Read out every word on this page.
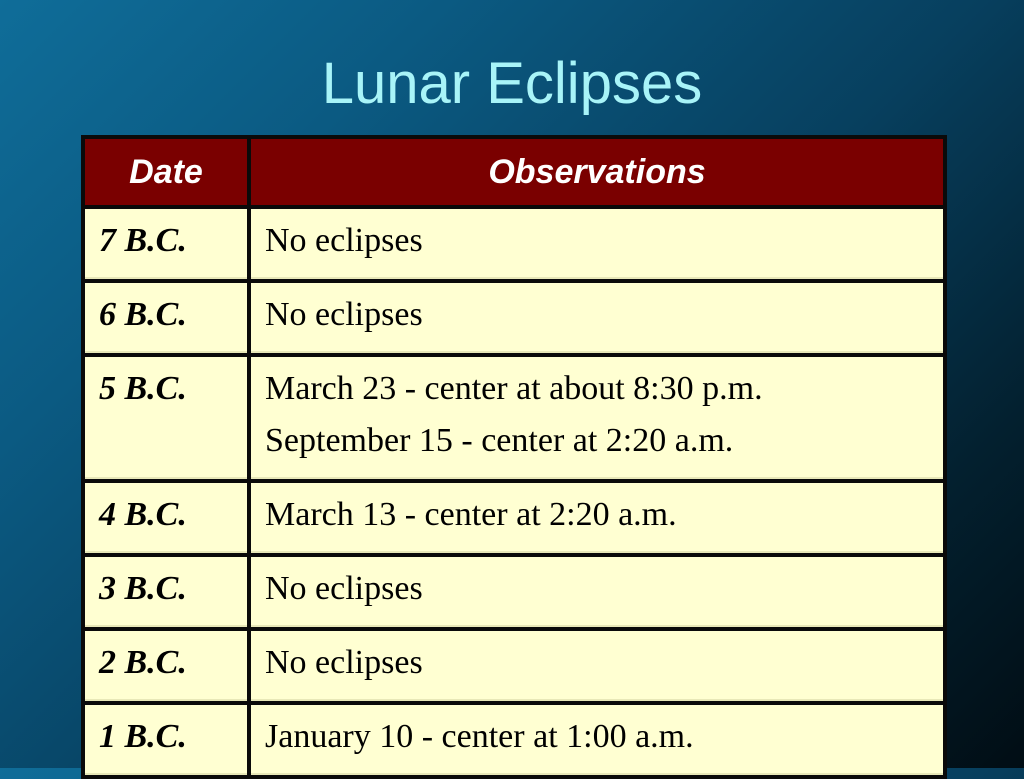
Lunar Eclipses
Date	Observations
7 B.C.	No eclipses

6 B.C.	No eclipses

5 B.C.	March 23 - center at about 8:30 p.m.
September 15 - center at 2:20 a.m.

4 B.C.	March 13 - center at 2:20 a.m.

3 B.C.	No eclipses

2 B.C.	No eclipses

1 B.C.	January 10 - center at 1:00 a.m.
